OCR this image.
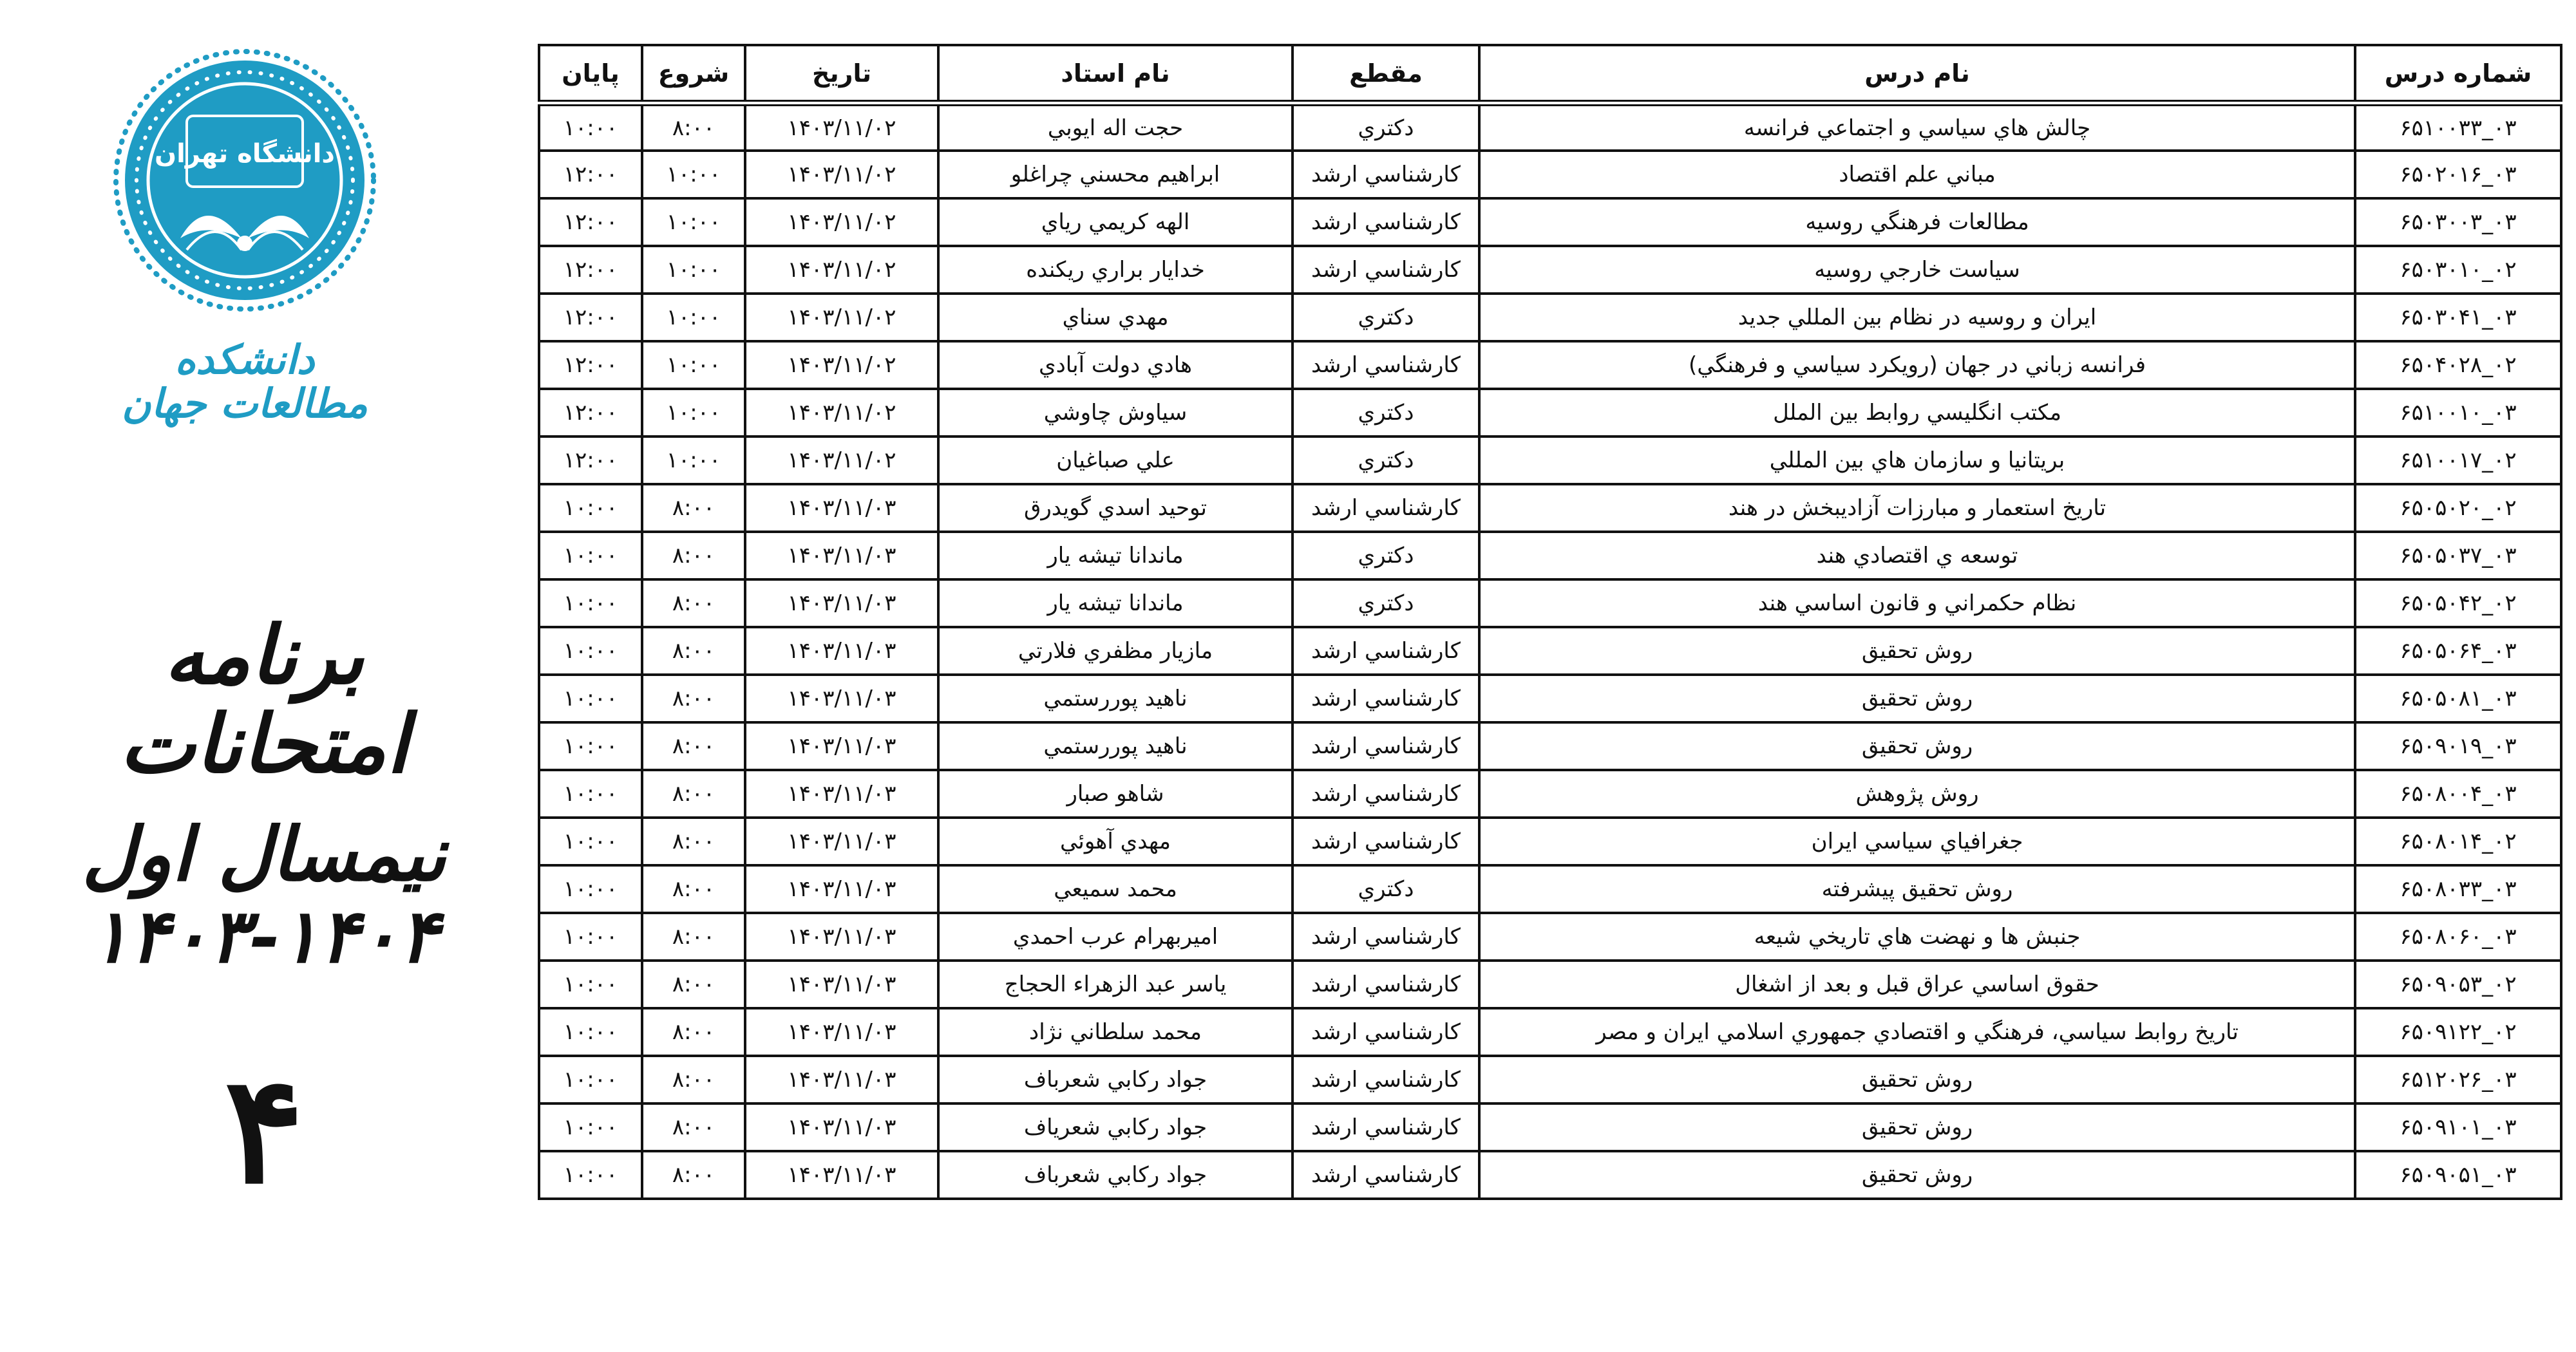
دانشگاه تهران
دانشکده مطالعات جهان
برنامه امتحانات
نیمسال اول ۱۴۰۴-۱۴۰۳
۴
شماره درس	نام درس	مقطع	نام استاد	تاریخ	شروع	پایان
۶۵۱۰۰۳۳_۰۳	چالش هاي سياسي و اجتماعي فرانسه	دكتري	حجت اله ايوبي	۱۴۰۳/۱۱/۰۲	۸:۰۰	۱۰:۰۰
۶۵۰۲۰۱۶_۰۳	مباني علم اقتصاد	كارشناسي ارشد	ابراهيم محسني چراغلو	۱۴۰۳/۱۱/۰۲	۱۰:۰۰	۱۲:۰۰
۶۵۰۳۰۰۳_۰۳	مطالعات فرهنگي روسيه	كارشناسي ارشد	الهه كريمي رياي	۱۴۰۳/۱۱/۰۲	۱۰:۰۰	۱۲:۰۰
۶۵۰۳۰۱۰_۰۲	سياست خارجي روسيه	كارشناسي ارشد	خدايار براري ريكنده	۱۴۰۳/۱۱/۰۲	۱۰:۰۰	۱۲:۰۰
۶۵۰۳۰۴۱_۰۳	ايران و روسيه در نظام بين المللي جديد	دكتري	مهدي سناي	۱۴۰۳/۱۱/۰۲	۱۰:۰۰	۱۲:۰۰
۶۵۰۴۰۲۸_۰۲	فرانسه زباني در جهان (رويكرد سياسي و فرهنگي)	كارشناسي ارشد	هادي دولت آبادي	۱۴۰۳/۱۱/۰۲	۱۰:۰۰	۱۲:۰۰
۶۵۱۰۰۱۰_۰۳	مكتب انگليسي روابط بين الملل	دكتري	سياوش چاوشي	۱۴۰۳/۱۱/۰۲	۱۰:۰۰	۱۲:۰۰
۶۵۱۰۰۱۷_۰۲	بريتانيا و سازمان هاي بين المللي	دكتري	علي صباغيان	۱۴۰۳/۱۱/۰۲	۱۰:۰۰	۱۲:۰۰
۶۵۰۵۰۲۰_۰۲	تاريخ استعمار و مبارزات آزاديبخش در هند	كارشناسي ارشد	توحيد اسدي گويدرق	۱۴۰۳/۱۱/۰۳	۸:۰۰	۱۰:۰۰
۶۵۰۵۰۳۷_۰۳	توسعه ي اقتصادي هند	دكتري	ماندانا تيشه يار	۱۴۰۳/۱۱/۰۳	۸:۰۰	۱۰:۰۰
۶۵۰۵۰۴۲_۰۲	نظام حكمراني و قانون اساسي هند	دكتري	ماندانا تيشه يار	۱۴۰۳/۱۱/۰۳	۸:۰۰	۱۰:۰۰
۶۵۰۵۰۶۴_۰۳	روش تحقيق	كارشناسي ارشد	مازيار مظفري فلارتي	۱۴۰۳/۱۱/۰۳	۸:۰۰	۱۰:۰۰
۶۵۰۵۰۸۱_۰۳	روش تحقيق	كارشناسي ارشد	ناهيد پوررستمي	۱۴۰۳/۱۱/۰۳	۸:۰۰	۱۰:۰۰
۶۵۰۹۰۱۹_۰۳	روش تحقيق	كارشناسي ارشد	ناهيد پوررستمي	۱۴۰۳/۱۱/۰۳	۸:۰۰	۱۰:۰۰
۶۵۰۸۰۰۴_۰۳	روش پژوهش	كارشناسي ارشد	شاهو صبار	۱۴۰۳/۱۱/۰۳	۸:۰۰	۱۰:۰۰
۶۵۰۸۰۱۴_۰۲	جغرافياي سياسي ايران	كارشناسي ارشد	مهدي آهوئي	۱۴۰۳/۱۱/۰۳	۸:۰۰	۱۰:۰۰
۶۵۰۸۰۳۳_۰۳	روش تحقيق پيشرفته	دكتري	محمد سميعي	۱۴۰۳/۱۱/۰۳	۸:۰۰	۱۰:۰۰
۶۵۰۸۰۶۰_۰۳	جنبش ها و نهضت هاي تاريخي شيعه	كارشناسي ارشد	اميربهرام عرب احمدي	۱۴۰۳/۱۱/۰۳	۸:۰۰	۱۰:۰۰
۶۵۰۹۰۵۳_۰۲	حقوق اساسي عراق قبل و بعد از اشغال	كارشناسي ارشد	ياسر عبد الزهراء الحجاج	۱۴۰۳/۱۱/۰۳	۸:۰۰	۱۰:۰۰
۶۵۰۹۱۲۲_۰۲	تاريخ روابط سياسي، فرهنگي و اقتصادي جمهوري اسلامي ايران و مصر	كارشناسي ارشد	محمد سلطاني نژاد	۱۴۰۳/۱۱/۰۳	۸:۰۰	۱۰:۰۰
۶۵۱۲۰۲۶_۰۳	روش تحقيق	كارشناسي ارشد	جواد ركابي شعرباف	۱۴۰۳/۱۱/۰۳	۸:۰۰	۱۰:۰۰
۶۵۰۹۱۰۱_۰۳	روش تحقيق	كارشناسي ارشد	جواد ركابي شعرياف	۱۴۰۳/۱۱/۰۳	۸:۰۰	۱۰:۰۰
۶۵۰۹۰۵۱_۰۳	روش تحقيق	كارشناسي ارشد	جواد ركابي شعرباف	۱۴۰۳/۱۱/۰۳	۸:۰۰	۱۰:۰۰
